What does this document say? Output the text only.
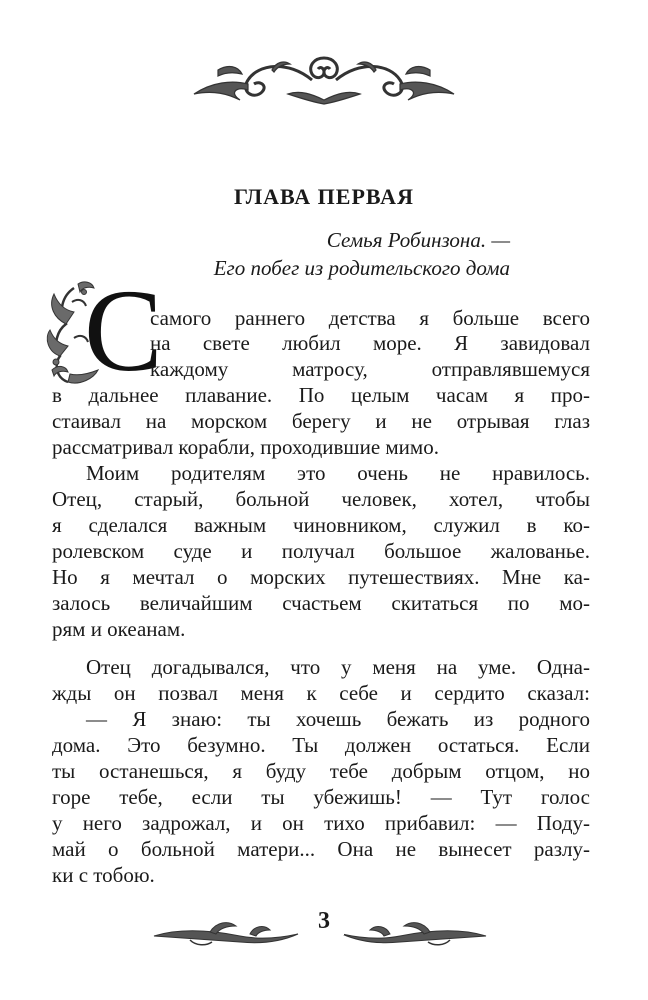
ГЛАВА ПЕРВАЯ

Семья Робинзона. —

Его побег из родительского дома

С
самого раннего детства я больше всего
на свете любил море. Я завидовал
каждому матросу, отправлявшемуся
в дальнее плавание. По целым часам я про-
стаивал на морском берегу и не отрывая глаз
рассматривал корабли, проходившие мимо.
Моим родителям это очень не нравилось.
Отец, старый, больной человек, хотел, чтобы
я сделался важным чиновником, служил в ко-
ролевском суде и получал большое жалованье.
Но я мечтал о морских путешествиях. Мне ка-
залось величайшим счастьем скитаться по мо-
рям и океанам.
Отец догадывался, что у меня на уме. Одна-
жды он позвал меня к себе и сердито сказал:
— Я знаю: ты хочешь бежать из родного
дома. Это безумно. Ты должен остаться. Если
ты останешься, я буду тебе добрым отцом, но
горе тебе, если ты убежишь! — Тут голос
у него задрожал, и он тихо прибавил: — Поду-
май о больной матери... Она не вынесет разлу-
ки с тобою.
3
